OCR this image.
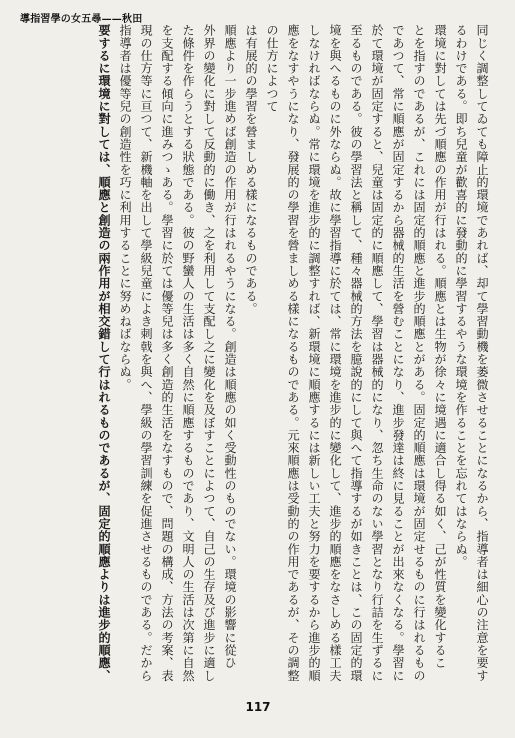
導指習學の女五尋——秋田

同じく調整してゐても障止的環境であれば、却て學習動機を萎微させることになるから、指導者は細心の注意を要す

るわけである。即ち兒童が歡喜的に發動的に學習するやうな環境を作ることを忘れてはならぬ。

環境に對しては先づ順應の作用が行はれる。順應とは生物が徐々に境遇に適合し得る如く、己が性質を變化するこ

とを指すのであるが、これには固定的順應と進步的順應とがある。固定的順應は環境が固定せるものに行はれるもの

であつて、常に順應が固定するから器械的生活を營むことになり、進步發達は終に見ることが出來なくなる。學習に

於て環境が固定すると、兒童は固定的に順應して、學習は器械的になり、忽ち生命のない學習となり行詰を生ずるに

至るものである。彼の學習法と稱して、種々器械的方法を臆說的にして與へて指導するが如きことは、この固定的環

境を與へるものに外ならぬ。故に學習指導に於ては、常に環境を進步的に變化して、進步的順應をなさしめる樣工夫

しなければならぬ。常に環境を進步的に調整すれば、新環境に順應するには新しい工夫と努力を要するから進步的順

應をなすやうになり、發展的の學習を營ましめる樣になるものである。元來順應は受動的の作用であるが、その調整の仕方によつて

は有展的の學習を營ましめる樣になるものである。

順應より一步進めば創造の作用が行はれるやうになる。創造は順應の如く受動性のものでない。環境の影響に從ひ

外界の變化に對して反動的に働き、之を利用して支配し之に變化を及ぼすことによつて、自己の生存及び進步に適し

た條件を作らうとする狀態である。彼の野蠻人の生活は多く自然に順應するものであり、文明人の生活は次第に自然

を支配する傾向に進みつゝある。學習に於ては優等兒は多く創造的生活をなすもので、問題の構成、方法の考案、表

現の仕方等に亘つて、新機軸を出して學級兒童によき刺戟を與へ、學級の學習訓練を促進させるものである。だから

指導者は優等兒の創造性を巧に利用することに努めねばならぬ。

要するに環境に對しては、順應と創造の兩作用が相交錯して行はれるものであるが、固定的順應よりは進步的順應、

117
